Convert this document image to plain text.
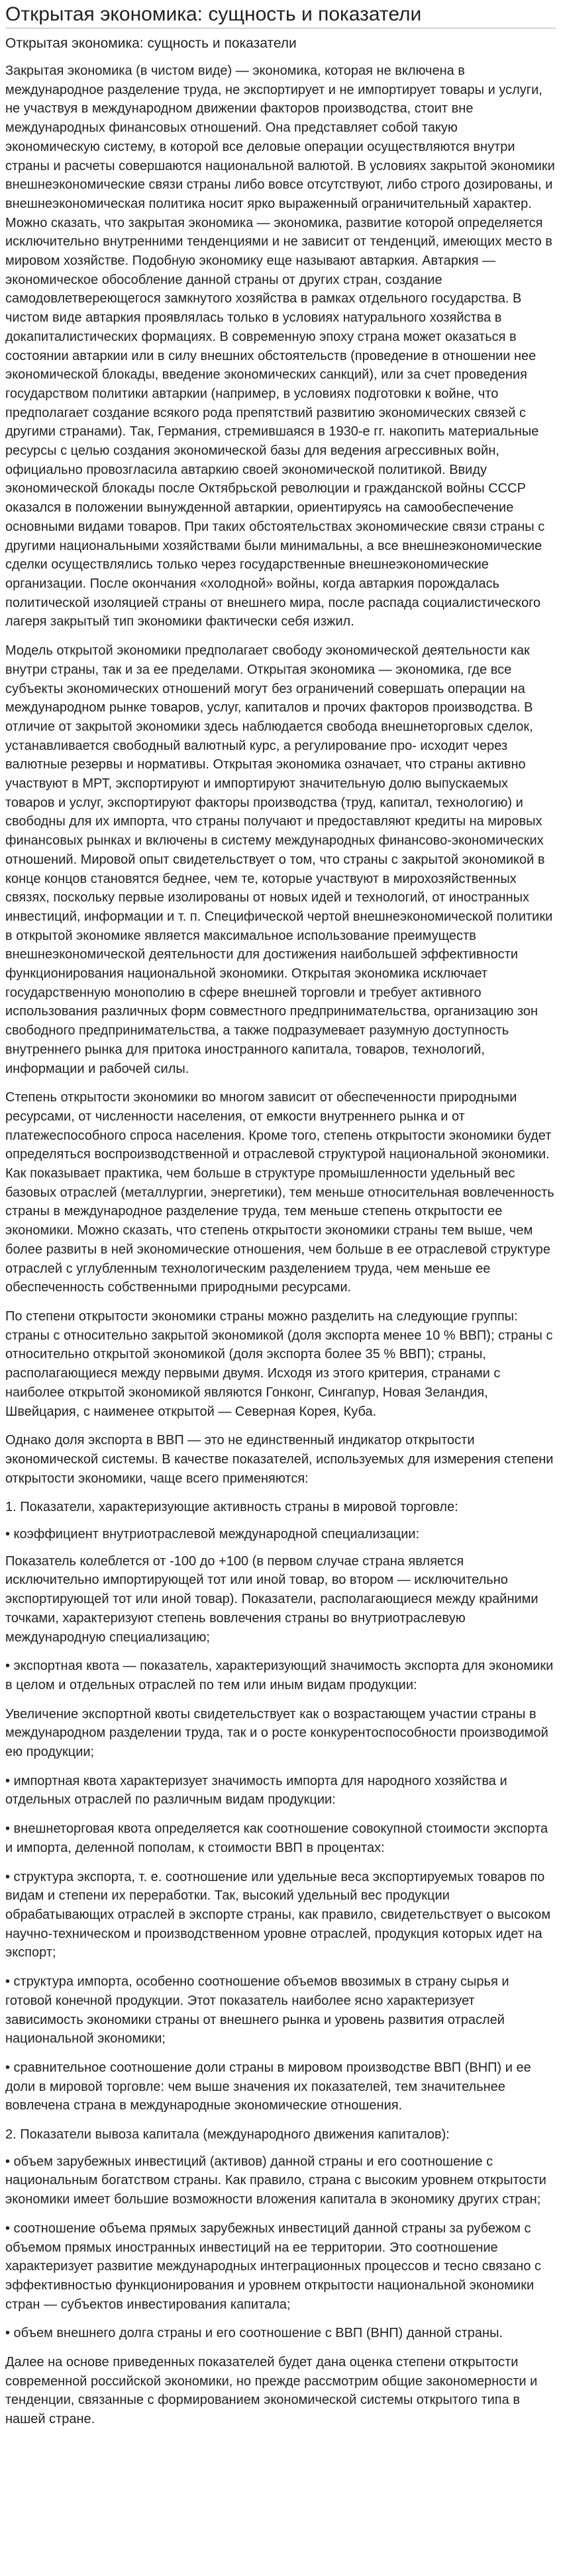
Открытая экономика: сущность и показатели
Открытая экономика: сущность и показатели
Закрытая экономика (в чистом виде) — экономика, которая не включена в международное разделение труда, не экспортирует и не импортирует товары и услуги, не участвуя в международном движении факторов производства, стоит вне международных финансовых отношений. Она представляет собой такую экономическую систему, в которой все деловые операции осуществляются внутри страны и расчеты совершаются национальной валютой. В условиях закрытой экономики внешнеэкономические связи страны либо вовсе отсутствуют, либо строго дозированы, и внешнеэкономическая политика носит ярко выраженный ограничительный характер. Можно сказать, что закрытая экономика — экономика, развитие которой определяется исключительно внутренними тенденциями и не зависит от тенденций, имеющих место в мировом хозяйстве. Подобную экономику еще называют автаркия. Автаркия — экономическое обособление данной страны от других стран, создание самодовлетвереющегося замкнутого хозяйства в рамках отдельного государства. В чистом виде автаркия проявлялась только в условиях натурального хозяйства в докапиталистических формациях. В современную эпоху страна может оказаться в состоянии автаркии или в силу внешних обстоятельств (проведение в отношении нее экономической блокады, введение экономических санкций), или за счет проведения государством политики автаркии (например, в условиях подготовки к войне, что предполагает создание всякого рода препятствий развитию экономических связей с другими странами). Так, Германия, стремившаяся в 1930-е гг. накопить материальные ресурсы с целью создания экономической базы для ведения агрессивных войн, официально провозгласила автаркию своей экономической политикой. Ввиду экономической блокады после Октябрьской революции и гражданской войны СССР оказался в положении вынужденной автаркии, ориентируясь на самообеспечение основными видами товаров. При таких обстоятельствах экономические связи страны с другими национальными хозяйствами были минимальны, а все внешнеэкономические сделки осуществлялись только через государственные внешнеэкономические организации. После окончания «холодной» войны, когда автаркия порождалась политической изоляцией страны от внешнего мира, после распада социалистического лагеря закрытый тип экономики фактически себя изжил.
Модель открытой экономики предполагает свободу экономической деятельности как внутри страны, так и за ее пределами. Открытая экономика — экономика, где все субъекты экономических отношений могут без ограничений совершать операции на международном рынке товаров, услуг, капиталов и прочих факторов производства. В отличие от закрытой экономики здесь наблюдается свобода внешнеторговых сделок, устанавливается свободный валютный курс, а регулирование про- исходит через валютные резервы и нормативы. Открытая экономика означает, что страны активно участвуют в МРТ, экспортируют и импортируют значительную долю выпускаемых товаров и услуг, экспортируют факторы производства (труд, капитал, технологию) и свободны для их импорта, что страны получают и предоставляют кредиты на мировых финансовых рынках и включены в систему международных финансово-экономических отношений. Мировой опыт свидетельствует о том, что страны с закрытой экономикой в конце концов становятся беднее, чем те, которые участвуют в мирохозяйственных связях, поскольку первые изолированы от новых идей и технологий, от иностранных инвестиций, информации и т. п. Специфической чертой внешнеэкономической политики в открытой экономике является максимальное использование преимуществ внешнеэкономической деятельности для достижения наибольшей эффективности функционирования национальной экономики. Открытая экономика исключает государственную монополию в сфере внешней торговли и требует активного использования различных форм совместного предпринимательства, организацию зон свободного предпринимательства, а также подразумевает разумную доступность внутреннего рынка для притока иностранного капитала, товаров, технологий, информации и рабочей силы.
Степень открытости экономики во многом зависит от обеспеченности природными ресурсами, от численности населения, от емкости внутреннего рынка и от платежеспособного спроса населения. Кроме того, степень открытости экономики будет определяться воспроизводственной и отраслевой структурой национальной экономики. Как показывает практика, чем больше в структуре промышленности удельный вес базовых отраслей (металлургии, энергетики), тем меньше относительная вовлеченность страны в международное разделение труда, тем меньше степень открытости ее экономики. Можно сказать, что степень открытости экономики страны тем выше, чем более развиты в ней экономические отношения, чем больше в ее отраслевой структуре отраслей с углубленным технологическим разделением труда, чем меньше ее обеспеченность собственными природными ресурсами.
По степени открытости экономики страны можно разделить на следующие группы: страны с относительно закрытой экономикой (доля экспорта менее 10 % ВВП); страны с относительно открытой экономикой (доля экспорта более 35 % ВВП); страны, располагающиеся между первыми двумя. Исходя из этого критерия, странами с наиболее открытой экономикой являются Гонконг, Сингапур, Новая Зеландия, Швейцария, с наименее открытой — Северная Корея, Куба.
Однако доля экспорта в ВВП — это не единственный индикатор открытости экономической системы. В качестве показателей, используемых для измерения степени открытости экономики, чаще всего применяются:
1. Показатели, характеризующие активность страны в мировой торговле:
• коэффициент внутриотраслевой международной специализации:
Показатель колеблется от -100 до +100 (в первом случае страна является исключительно импортирующей тот или иной товар, во втором — исключительно экспортирующей тот или иной товар). Показатели, располагающиеся между крайними точками, характеризуют степень вовлечения страны во внутриотраслевую международную специализацию;
• экспортная квота — показатель, характеризующий значимость экспорта для экономики в целом и отдельных отраслей по тем или иным видам продукции:
Увеличение экспортной квоты свидетельствует как о возрастающем участии страны в международном разделении труда, так и о росте конкурентоспособности производимой ею продукции;
• импортная квота характеризует значимость импорта для народного хозяйства и отдельных отраслей по различным видам продукции:
• внешнеторговая квота определяется как соотношение совокупной стоимости экспорта и импорта, деленной пополам, к стоимости ВВП в процентах:
• структура экспорта, т. е. соотношение или удельные веса экспортируемых товаров по видам и степени их переработки. Так, высокий удельный вес продукции обрабатывающих отраслей в экспорте страны, как правило, свидетельствует о высоком научно-техническом и производственном уровне отраслей, продукция которых идет на экспорт;
• структура импорта, особенно соотношение объемов ввозимых в страну сырья и готовой конечной продукции. Этот показатель наиболее ясно характеризует зависимость экономики страны от внешнего рынка и уровень развития отраслей национальной экономики;
• сравнительное соотношение доли страны в мировом производстве ВВП (ВНП) и ее доли в мировой торговле: чем выше значения их показателей, тем значительнее вовлечена страна в международные экономические отношения.
2. Показатели вывоза капитала (международного движения капиталов):
• объем зарубежных инвестиций (активов) данной страны и его соотношение с национальным богатством страны. Как правило, страна с высоким уровнем открытости экономики имеет большие возможности вложения капитала в экономику других стран;
• соотношение объема прямых зарубежных инвестиций данной страны за рубежом с объемом прямых иностранных инвестиций на ее территории. Это соотношение характеризует развитие международных интеграционных процессов и тесно связано с эффективностью функционирования и уровнем открытости национальной экономики стран — субъектов инвестирования капитала;
• объем внешнего долга страны и его соотношение с ВВП (ВНП) данной страны.
Далее на основе приведенных показателей будет дана оценка степени открытости современной российской экономики, но прежде рассмотрим общие закономерности и тенденции, связанные с формированием экономической системы открытого типа в нашей стране.
